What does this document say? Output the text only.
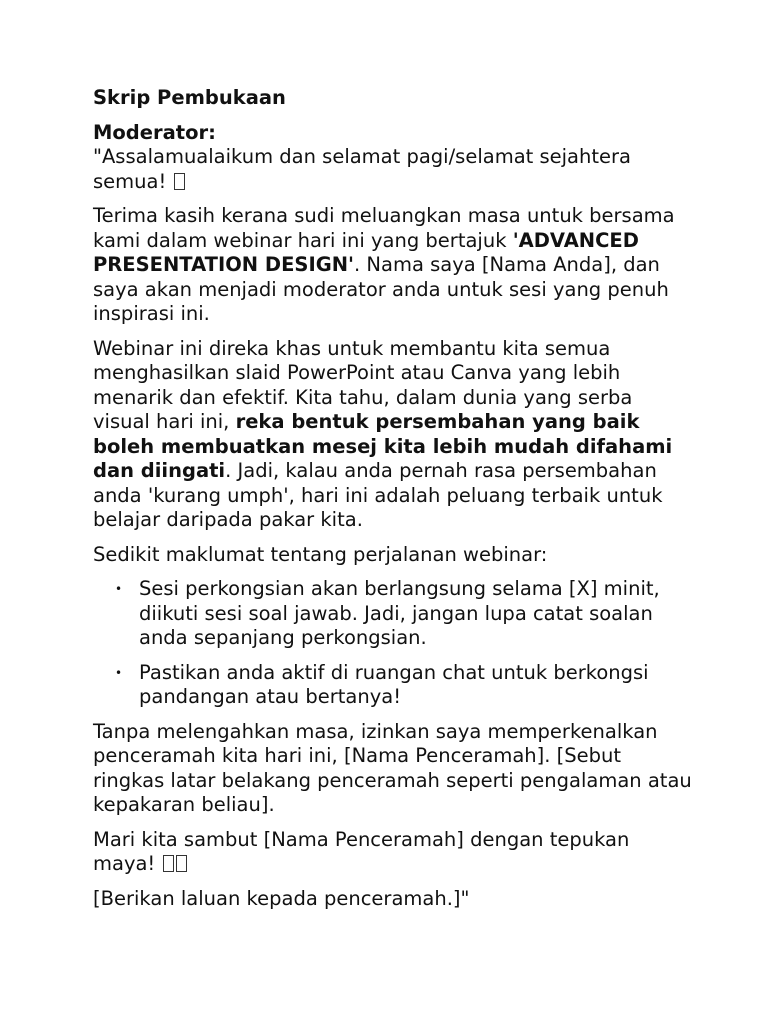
Skrip Pembukaan

Moderator:
"Assalamualaikum dan selamat pagi/selamat sejahtera semua!

Terima kasih kerana sudi meluangkan masa untuk bersama kami dalam webinar hari ini yang bertajuk 'ADVANCED PRESENTATION DESIGN'. Nama saya [Nama Anda], dan saya akan menjadi moderator anda untuk sesi yang penuh inspirasi ini.

Webinar ini direka khas untuk membantu kita semua menghasilkan slaid PowerPoint atau Canva yang lebih menarik dan efektif. Kita tahu, dalam dunia yang serba visual hari ini, reka bentuk persembahan yang baik boleh membuatkan mesej kita lebih mudah difahami dan diingati. Jadi, kalau anda pernah rasa persembahan anda 'kurang umph', hari ini adalah peluang terbaik untuk belajar daripada pakar kita.

Sedikit maklumat tentang perjalanan webinar:

• Sesi perkongsian akan berlangsung selama [X] minit, diikuti sesi soal jawab. Jadi, jangan lupa catat soalan anda sepanjang perkongsian.
• Pastikan anda aktif di ruangan chat untuk berkongsi pandangan atau bertanya!

Tanpa melengahkan masa, izinkan saya memperkenalkan penceramah kita hari ini, [Nama Penceramah]. [Sebut ringkas latar belakang penceramah seperti pengalaman atau kepakaran beliau].

Mari kita sambut [Nama Penceramah] dengan tepukan maya!

[Berikan laluan kepada penceramah.]"
